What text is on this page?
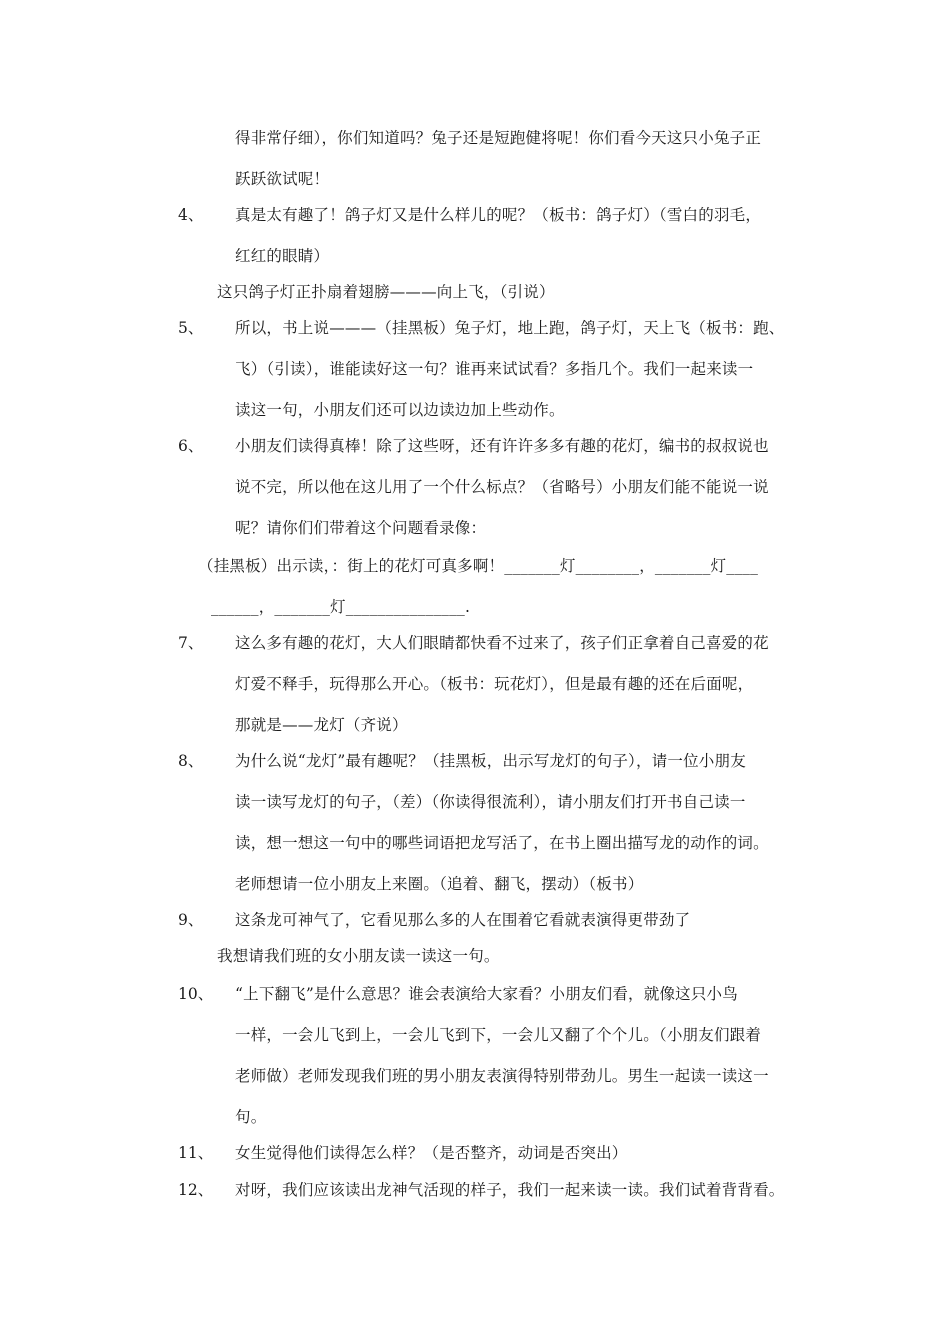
得非常仔细），你们知道吗？兔子还是短跑健将呢！你们看今天这只小兔子正
跃跃欲试呢！
4、 真是太有趣了！鸽子灯又是什么样儿的呢？（板书：鸽子灯）（雪白的羽毛，
红红的眼睛）
这只鸽子灯正扑扇着翅膀———向上飞，（引说）
5、 所以，书上说———（挂黑板）兔子灯，地上跑，鸽子灯，天上飞（板书：跑、
飞）（引读），谁能读好这一句？谁再来试试看？多指几个。我们一起来读一
读这一句，小朋友们还可以边读边加上些动作。
6、 小朋友们读得真棒！除了这些呀，还有许许多多有趣的花灯，编书的叔叔说也
说不完，所以他在这儿用了一个什么标点？（省略号）小朋友们能不能说一说
呢？请你们们带着这个问题看录像：
（挂黑板）出示读，：街上的花灯可真多啊！_______灯________，_______灯____
______，_______灯_______________.
7、 这么多有趣的花灯，大人们眼睛都快看不过来了，孩子们正拿着自己喜爱的花
灯爱不释手，玩得那么开心。（板书：玩花灯），但是最有趣的还在后面呢，
那就是——龙灯（齐说）
8、 为什么说“龙灯”最有趣呢？（挂黑板，出示写龙灯的句子），请一位小朋友
读一读写龙灯的句子，（差）（你读得很流利），请小朋友们打开书自己读一
读，想一想这一句中的哪些词语把龙写活了，在书上圈出描写龙的动作的词。
老师想请一位小朋友上来圈。（追着、翻飞，摆动）（板书）
9、 这条龙可神气了，它看见那么多的人在围着它看就表演得更带劲了
我想请我们班的女小朋友读一读这一句。
10、 “上下翻飞”是什么意思？谁会表演给大家看？小朋友们看，就像这只小鸟
一样，一会儿飞到上，一会儿飞到下，一会儿又翻了个个儿。（小朋友们跟着
老师做）老师发现我们班的男小朋友表演得特别带劲儿。男生一起读一读这一
句。
11、 女生觉得他们读得怎么样？（是否整齐，动词是否突出）
12、 对呀，我们应该读出龙神气活现的样子，我们一起来读一读。我们试着背背看。
